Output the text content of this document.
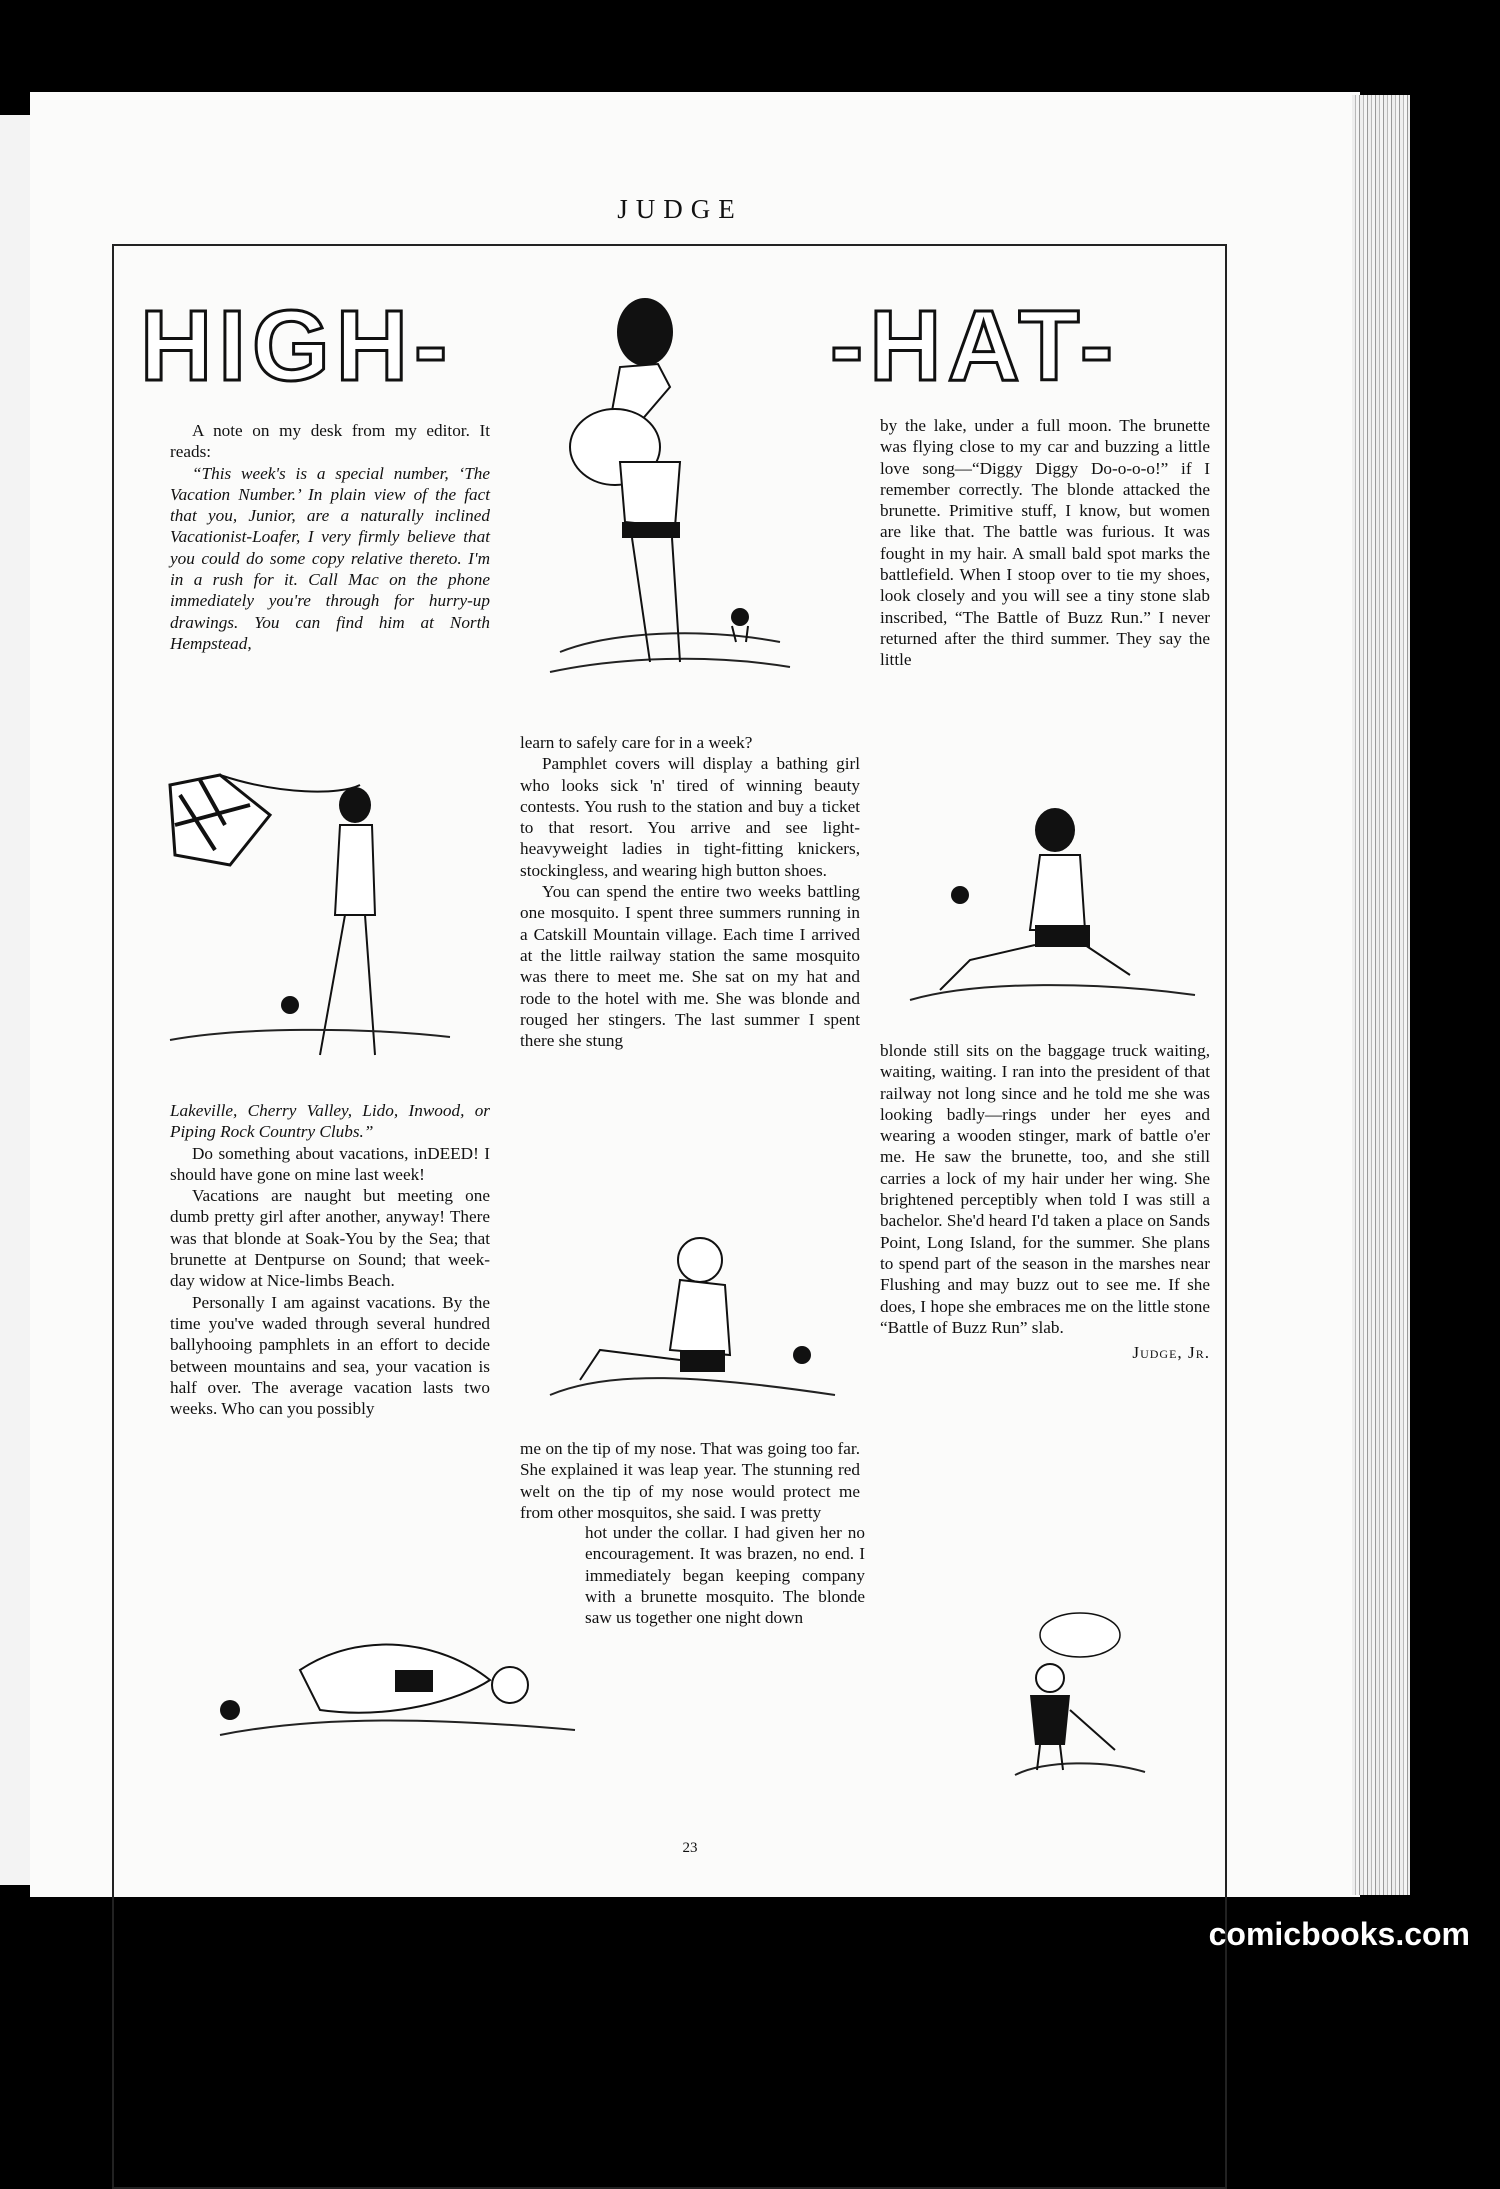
JUDGE
HIGH-	-HAT-

A note on my desk from my editor. It reads:

“This week's is a special number, ‘The Vacation Number.’ In plain view of the fact that you, Junior, are a naturally inclined Vacationist-Loafer, I very firmly believe that you could do some copy relative thereto. I'm in a rush for it. Call Mac on the phone immediately you're through for hurry-up drawings. You can find him at North Hempstead,

Lakeville, Cherry Valley, Lido, Inwood, or Piping Rock Country Clubs.”

Do something about vacations, inDEED! I should have gone on mine last week!

Vacations are naught but meeting one dumb pretty girl after another, anyway! There was that blonde at Soak-You by the Sea; that brunette at Dentpurse on Sound; that week-day widow at Nice-limbs Beach.

Personally I am against vacations. By the time you've waded through several hundred ballyhooing pamphlets in an effort to decide between mountains and sea, your vacation is half over. The average vacation lasts two weeks. Who can you possibly

learn to safely care for in a week?

Pamphlet covers will display a bathing girl who looks sick 'n' tired of winning beauty contests. You rush to the station and buy a ticket to that resort. You arrive and see light-heavyweight ladies in tight-fitting knickers, stockingless, and wearing high button shoes.

You can spend the entire two weeks battling one mosquito. I spent three summers running in a Catskill Mountain village. Each time I arrived at the little railway station the same mosquito was there to meet me. She sat on my hat and rode to the hotel with me. She was blonde and rouged her stingers. The last summer I spent there she stung

me on the tip of my nose. That was going too far. She explained it was leap year. The stunning red welt on the tip of my nose would protect me from other mosquitos, she said. I was pretty

hot under the collar. I had given her no encouragement. It was brazen, no end. I immediately began keeping company with a brunette mosquito. The blonde saw us together one night down

by the lake, under a full moon. The brunette was flying close to my car and buzzing a little love song—“Diggy Diggy Do-o-o-o!” if I remember correctly. The blonde attacked the brunette. Primitive stuff, I know, but women are like that. The battle was furious. It was fought in my hair. A small bald spot marks the battlefield. When I stoop over to tie my shoes, look closely and you will see a tiny stone slab inscribed, “The Battle of Buzz Run.” I never returned after the third summer. They say the little

blonde still sits on the baggage truck waiting, waiting, waiting. I ran into the president of that railway not long since and he told me she was looking badly—rings under her eyes and wearing a wooden stinger, mark of battle o'er me. He saw the brunette, too, and she still carries a lock of my hair under her wing. She brightened perceptibly when told I was still a bachelor. She'd heard I'd taken a place on Sands Point, Long Island, for the summer. She plans to spend part of the season in the marshes near Flushing and may buzz out to see me. If she does, I hope she embraces me on the little stone “Battle of Buzz Run” slab.

Judge, Jr.
23
comicbooks.com
